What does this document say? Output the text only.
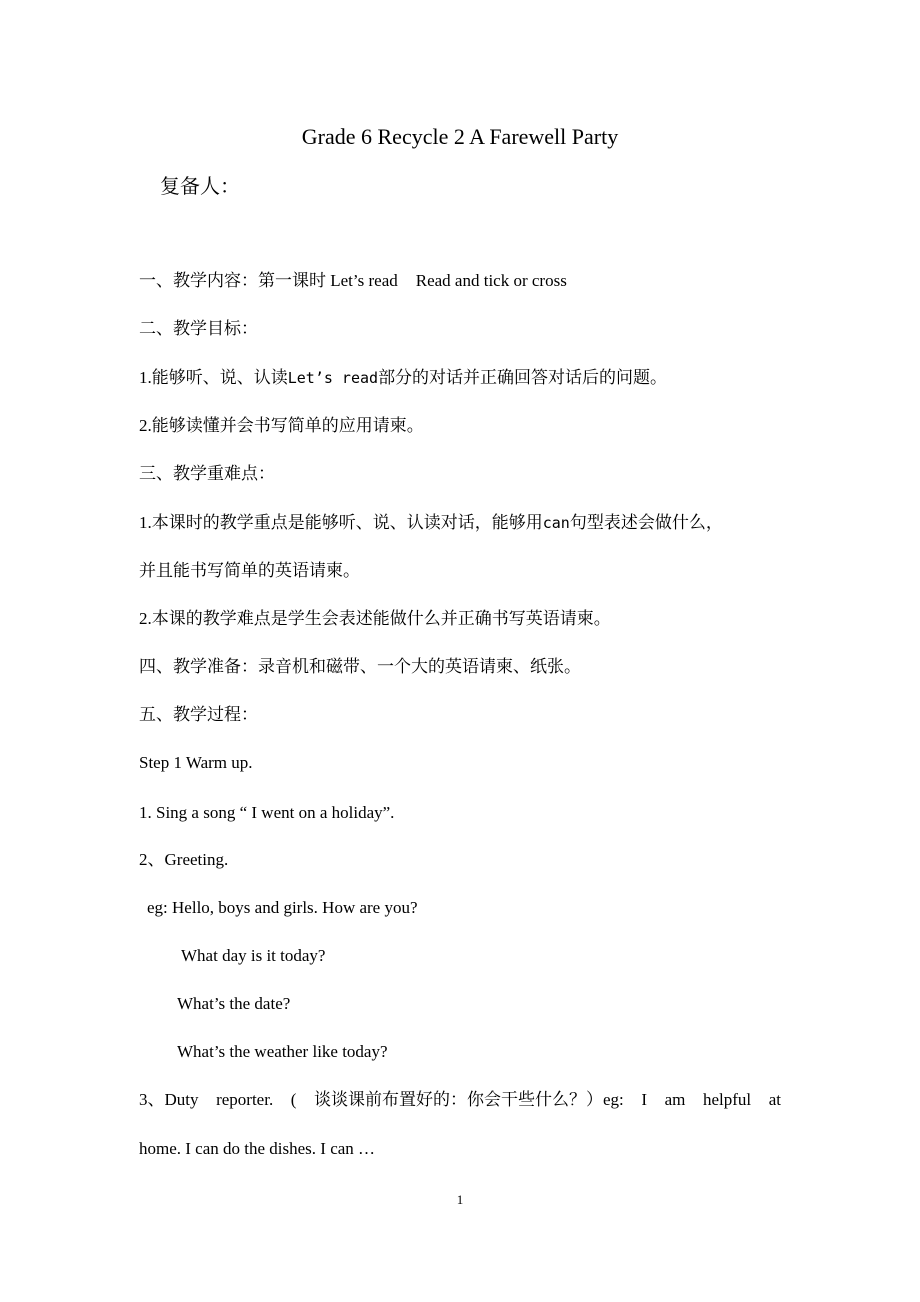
Grade 6 Recycle 2 A Farewell Party
复备人：
一、教学内容：第一课时 Let’s read Read and tick or cross
二、教学目标：
1.能够听、说、认读Let’s read部分的对话并正确回答对话后的问题。
2.能够读懂并会书写简单的应用请柬。
三、教学重难点：
1.本课时的教学重点是能够听、说、认读对话，能够用can句型表述会做什么，
并且能书写简单的英语请柬。
2.本课的教学难点是学生会表述能做什么并正确书写英语请柬。
四、教学准备：录音机和磁带、一个大的英语请柬、纸张。
五、教学过程：
Step 1 Warm up.
1. Sing a song “ I went on a holiday”.
2、Greeting.
eg: Hello, boys and girls. How are you?
What day is it today?
What’s the date?
What’s the weather like today?
3、Duty reporter. ( 谈谈课前布置好的：你会干些什么？）eg: I am helpful at
home. I can do the dishes. I can …
1
